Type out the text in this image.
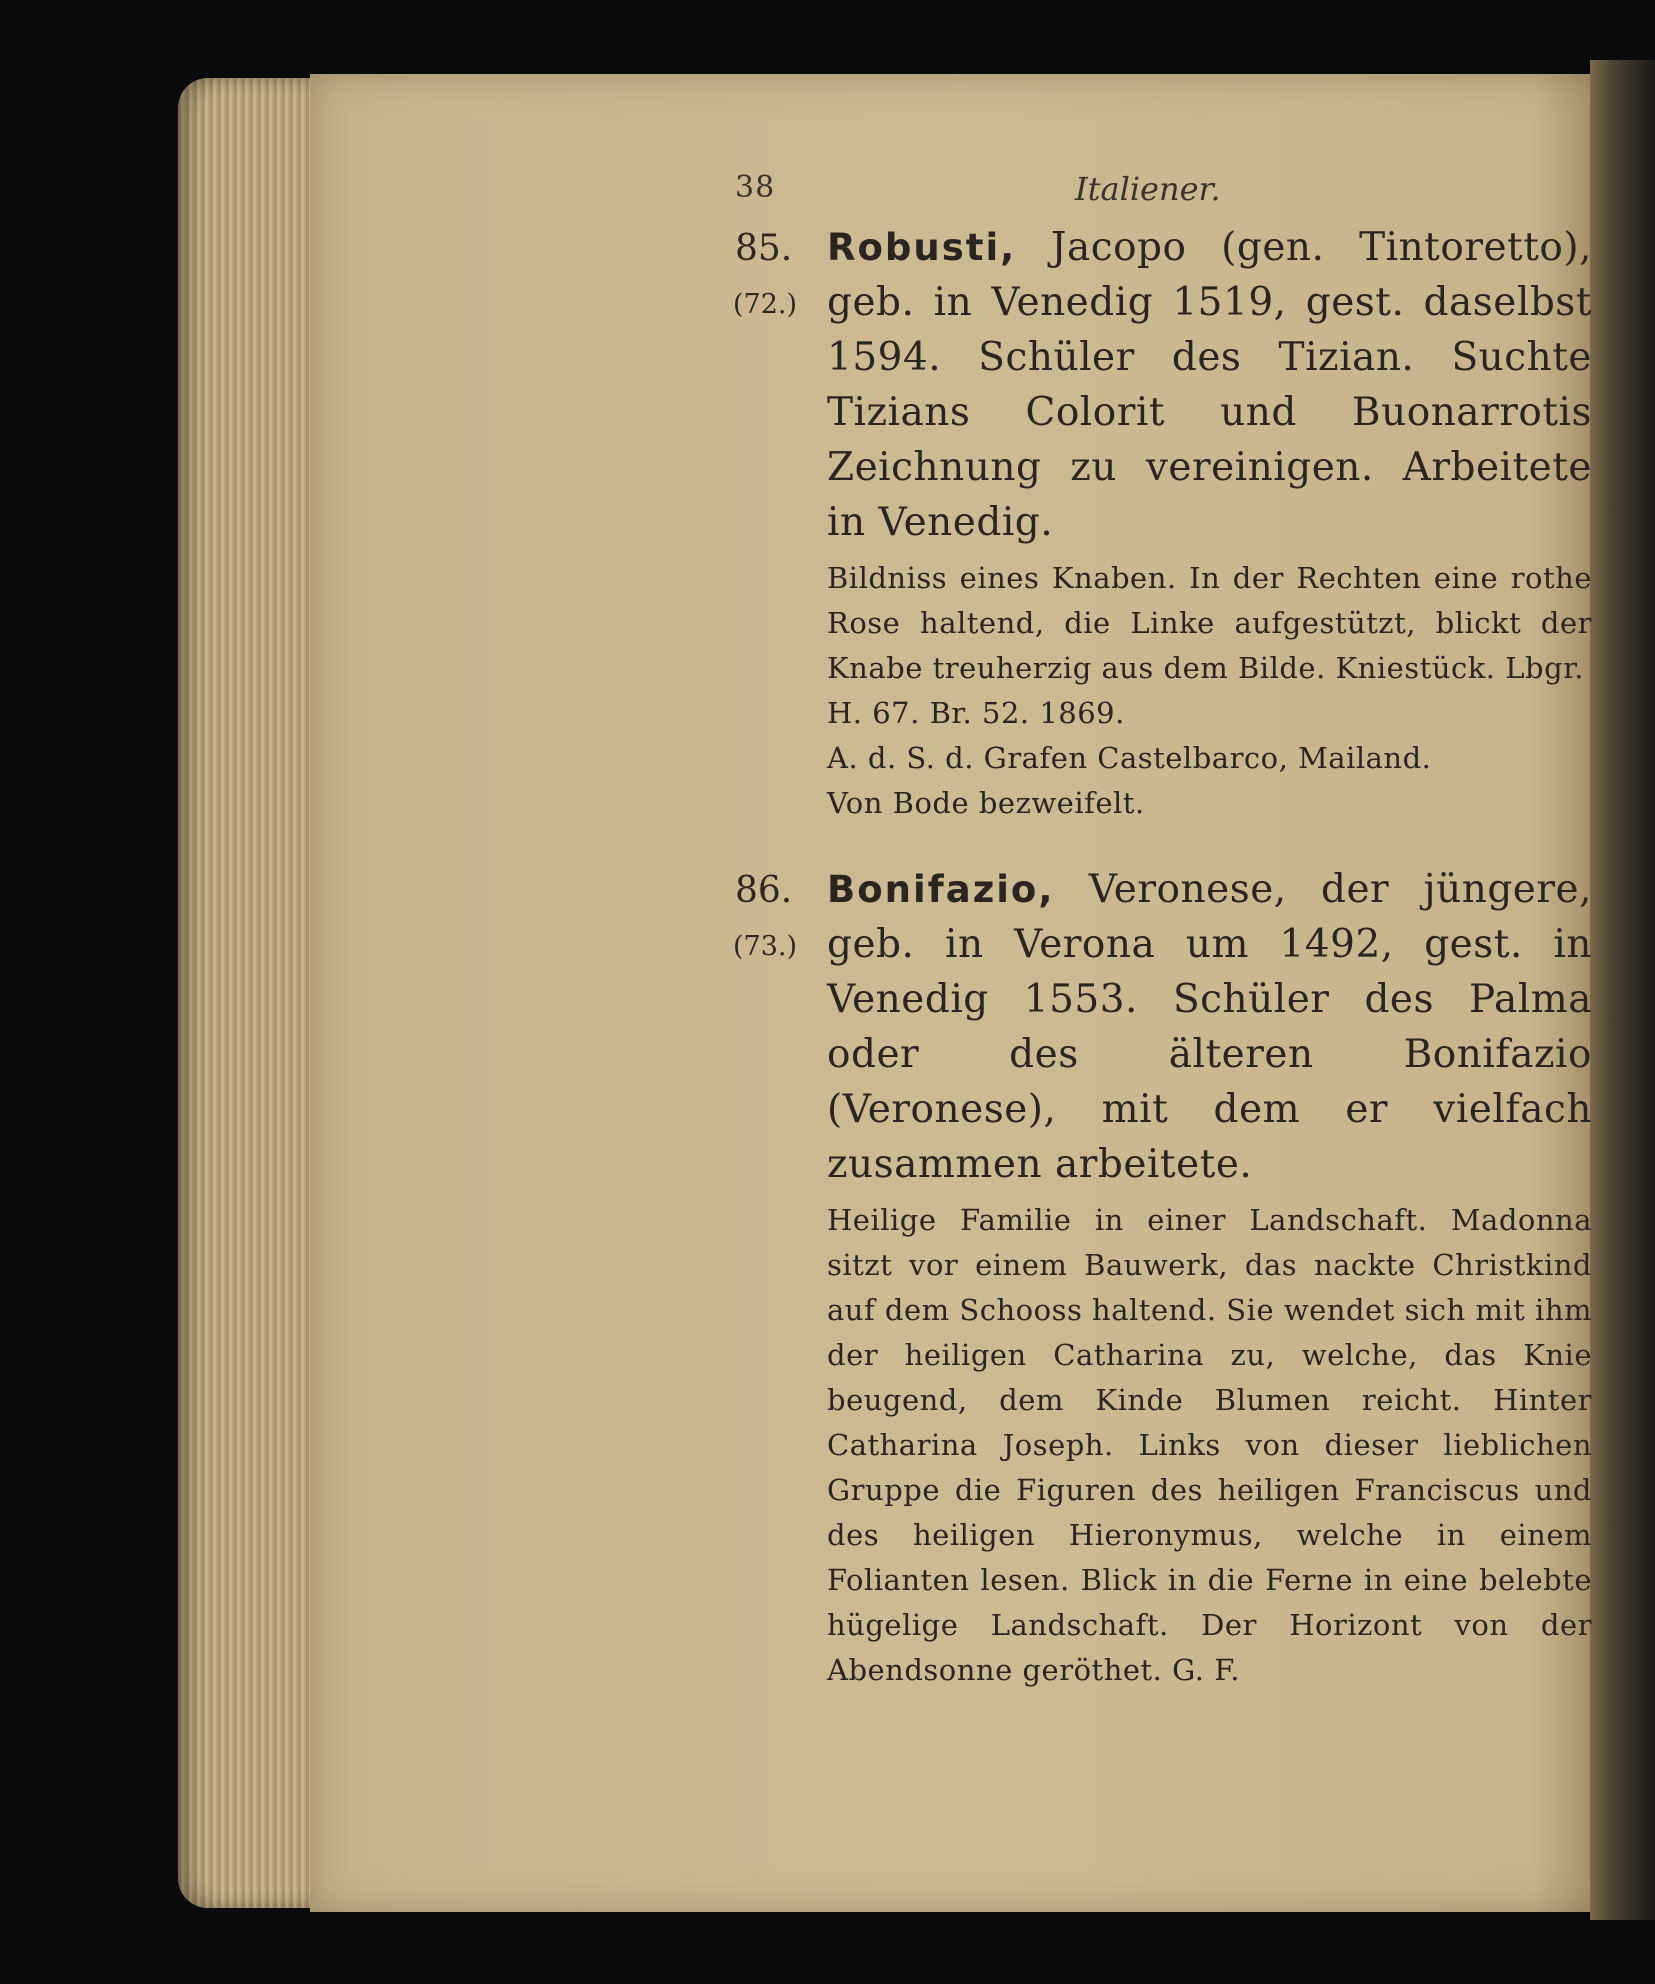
38	Italiener.
85.
(72.)
Robusti, Jacopo (gen. Tintoretto), geb. in Venedig 1519, gest. daselbst 1594. Schüler des Tizian. Suchte Tizians Colorit und Buonarrotis Zeichnung zu vereinigen. Arbeitete in Venedig.
Bildniss eines Knaben. In der Rechten eine rothe Rose haltend, die Linke aufgestützt, blickt der Knabe treuherzig aus dem Bilde. Kniestück. Lbgr.
H. 67. Br. 52. 1869.
A. d. S. d. Grafen Castelbarco, Mailand.
Von Bode bezweifelt.
86.
(73.)
Bonifazio, Veronese, der jüngere, geb. in Verona um 1492, gest. in Venedig 1553. Schüler des Palma oder des älteren Bonifazio (Veronese), mit dem er vielfach zusammen arbeitete.
Heilige Familie in einer Landschaft. Madonna sitzt vor einem Bauwerk, das nackte Christkind auf dem Schooss haltend. Sie wendet sich mit ihm der heiligen Catharina zu, welche, das Knie beugend, dem Kinde Blumen reicht. Hinter Catharina Joseph. Links von dieser lieblichen Gruppe die Figuren des heiligen Franciscus und des heiligen Hieronymus, welche in einem Folianten lesen. Blick in die Ferne in eine belebte hügelige Landschaft. Der Horizont von der Abendsonne geröthet. G. F.
